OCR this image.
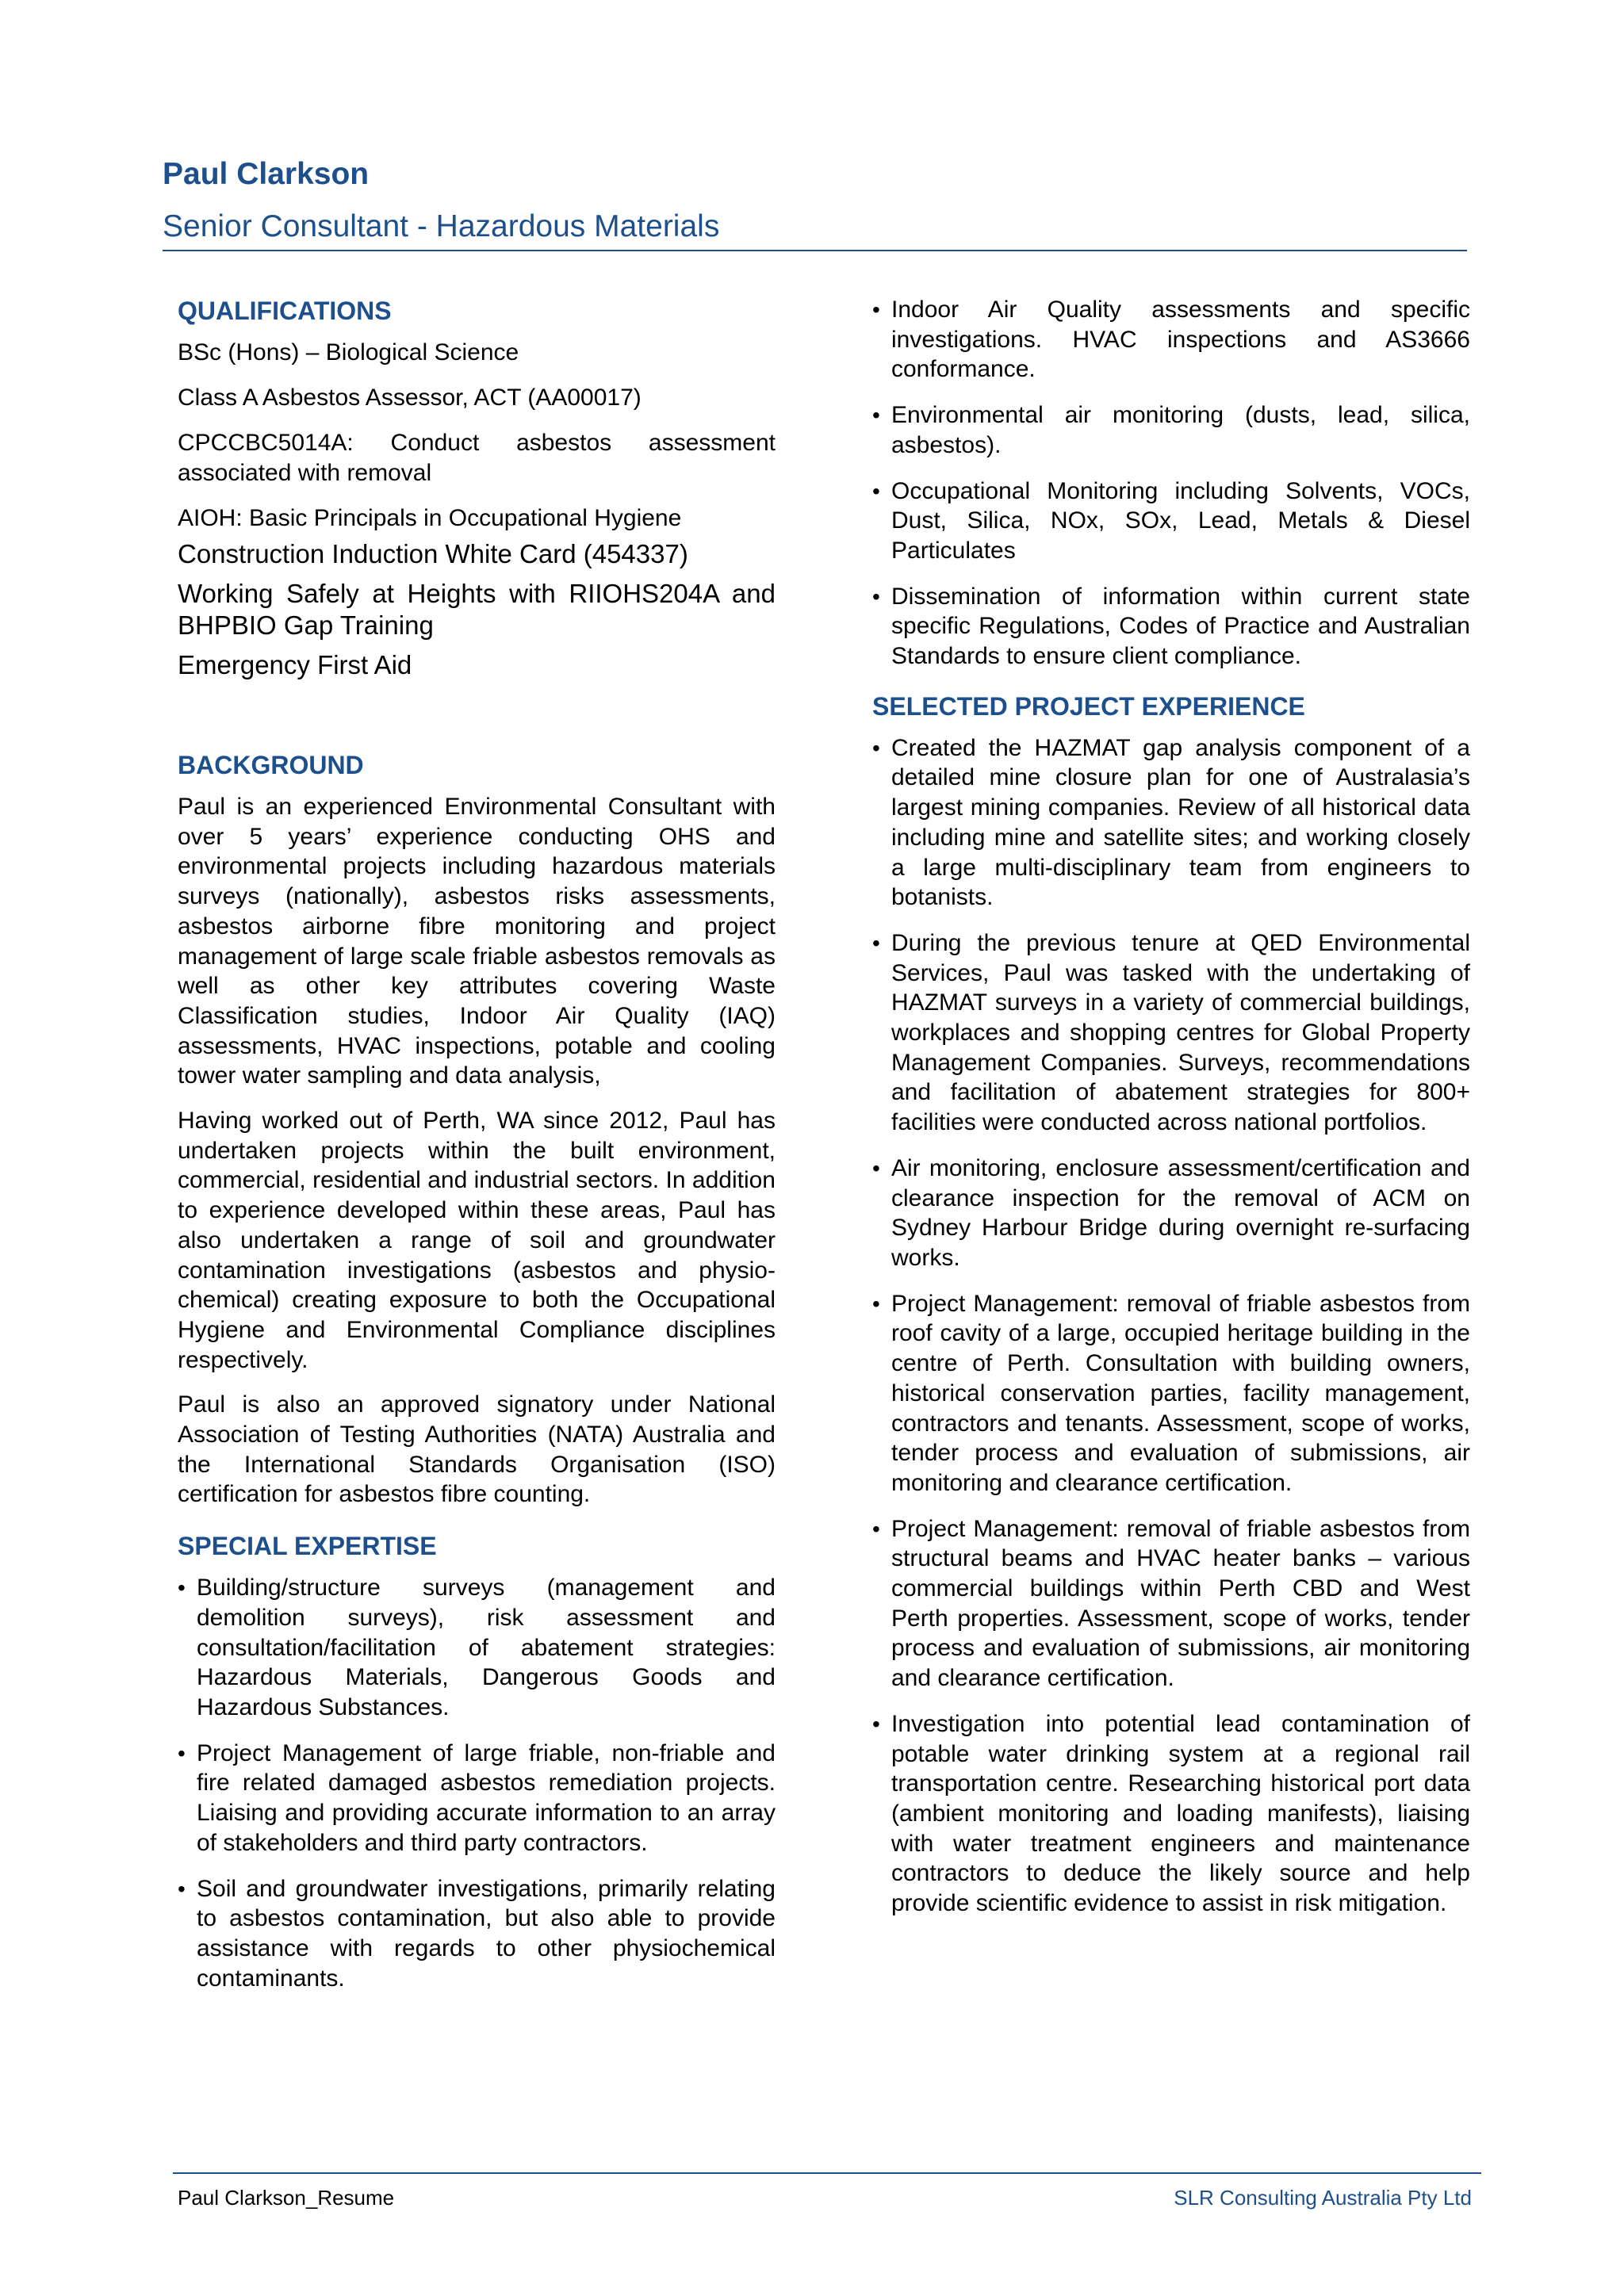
Paul Clarkson
Senior Consultant - Hazardous Materials
QUALIFICATIONS
BSc (Hons) – Biological Science
Class A Asbestos Assessor, ACT (AA00017)
CPCCBC5014A: Conduct asbestos assessment associated with removal
AIOH: Basic Principals in Occupational Hygiene
Construction Induction White Card (454337)
Working Safely at Heights with RIIOHS204A and BHPBIO Gap Training
Emergency First Aid
BACKGROUND

Paul is an experienced Environmental Consultant with over 5 years’ experience conducting OHS and environmental projects including hazardous materials surveys (nationally), asbestos risks assessments, asbestos airborne fibre monitoring and project management of large scale friable asbestos removals as well as other key attributes covering Waste Classification studies, Indoor Air Quality (IAQ) assessments, HVAC inspections, potable and cooling tower water sampling and data analysis,

Having worked out of Perth, WA since 2012, Paul has undertaken projects within the built environment, commercial, residential and industrial sectors. In addition to experience developed within these areas, Paul has also undertaken a range of soil and groundwater contamination investigations (asbestos and physio-chemical) creating exposure to both the Occupational Hygiene and Environmental Compliance disciplines respectively.

Paul is also an approved signatory under National Association of Testing Authorities (NATA) Australia and the International Standards Organisation (ISO) certification for asbestos fibre counting.

SPECIAL EXPERTISE
• Building/structure surveys (management and demolition surveys), risk assessment and consultation/facilitation of abatement strategies: Hazardous Materials, Dangerous Goods and Hazardous Substances.
• Project Management of large friable, non-friable and fire related damaged asbestos remediation projects. Liaising and providing accurate information to an array of stakeholders and third party contractors.
• Soil and groundwater investigations, primarily relating to asbestos contamination, but also able to provide assistance with regards to other physiochemical contaminants.
• Indoor Air Quality assessments and specific investigations. HVAC inspections and AS3666 conformance.
• Environmental air monitoring (dusts, lead, silica, asbestos).
• Occupational Monitoring including Solvents, VOCs, Dust, Silica, NOx, SOx, Lead, Metals & Diesel Particulates
• Dissemination of information within current state specific Regulations, Codes of Practice and Australian Standards to ensure client compliance.
SELECTED PROJECT EXPERIENCE
• Created the HAZMAT gap analysis component of a detailed mine closure plan for one of Australasia’s largest mining companies. Review of all historical data including mine and satellite sites; and working closely a large multi-disciplinary team from engineers to botanists.
• During the previous tenure at QED Environmental Services, Paul was tasked with the undertaking of HAZMAT surveys in a variety of commercial buildings, workplaces and shopping centres for Global Property Management Companies. Surveys, recommendations and facilitation of abatement strategies for 800+ facilities were conducted across national portfolios.
• Air monitoring, enclosure assessment/certification and clearance inspection for the removal of ACM on Sydney Harbour Bridge during overnight re-surfacing works.
• Project Management: removal of friable asbestos from roof cavity of a large, occupied heritage building in the centre of Perth. Consultation with building owners, historical conservation parties, facility management, contractors and tenants. Assessment, scope of works, tender process and evaluation of submissions, air monitoring and clearance certification.
• Project Management: removal of friable asbestos from structural beams and HVAC heater banks – various commercial buildings within Perth CBD and West Perth properties. Assessment, scope of works, tender process and evaluation of submissions, air monitoring and clearance certification.
• Investigation into potential lead contamination of potable water drinking system at a regional rail transportation centre. Researching historical port data (ambient monitoring and loading manifests), liaising with water treatment engineers and maintenance contractors to deduce the likely source and help provide scientific evidence to assist in risk mitigation.
Paul Clarkson_Resume	SLR Consulting Australia Pty Ltd
